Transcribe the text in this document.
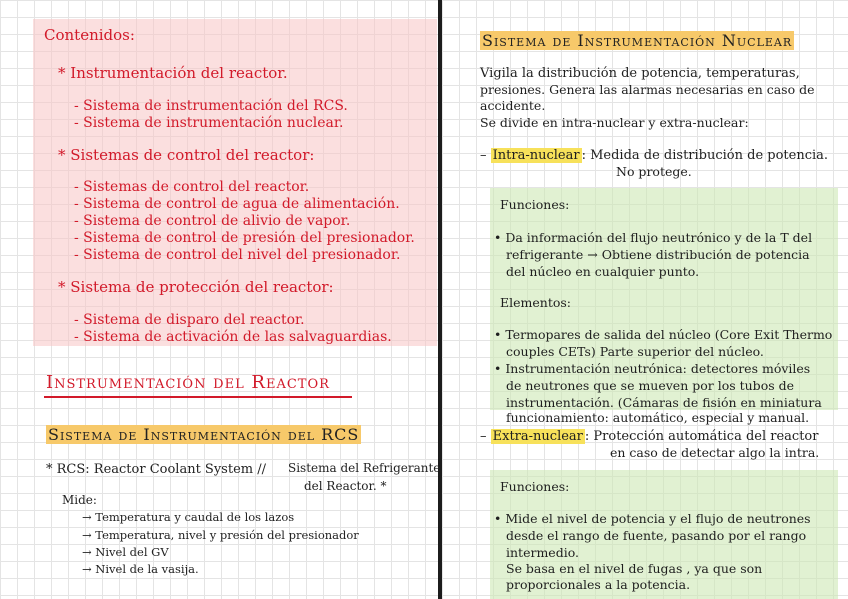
Contenidos:
* Instrumentación del reactor.
- Sistema de instrumentación del RCS.
- Sistema de instrumentación nuclear.
* Sistemas de control del reactor:
- Sistemas de control del reactor.
- Sistema de control de agua de alimentación.
- Sistema de control de alivio de vapor.
- Sistema de control de presión del presionador.
- Sistema de control del nivel del presionador.
* Sistema de protección del reactor:
- Sistema de disparo del reactor.
- Sistema de activación de las salvaguardias.
Instrumentación del Reactor
Sistema de Instrumentación del RCS
* RCS: Reactor Coolant System // Sistema del Refrigerante
del Reactor. *
Mide:
→ Temperatura y caudal de los lazos
→ Temperatura, nivel y presión del presionador
→ Nivel del GV
→ Nivel de la vasija.
Sistema de Instrumentación Nuclear
Vigila la distribución de potencia, temperaturas,
presiones. Genera las alarmas necesarias en caso de
accidente.
Se divide en intra-nuclear y extra-nuclear:
– Intra-nuclear : Medida de distribución de potencia.
No protege.
Funciones:
• Da información del flujo neutrónico y de la T del
refrigerante → Obtiene distribución de potencia
del núcleo en cualquier punto.
Elementos:
• Termopares de salida del núcleo (Core Exit Thermo
couples CETs) Parte superior del núcleo.
• Instrumentación neutrónica: detectores móviles
de neutrones que se mueven por los tubos de
instrumentación. (Cámaras de fisión en miniatura
funcionamiento: automático, especial y manual.
– Extra-nuclear : Protección automática del reactor
en caso de detectar algo la intra.
Funciones:
• Mide el nivel de potencia y el flujo de neutrones
desde el rango de fuente, pasando por el rango
intermedio.
Se basa en el nivel de fugas , ya que son
proporcionales a la potencia.
